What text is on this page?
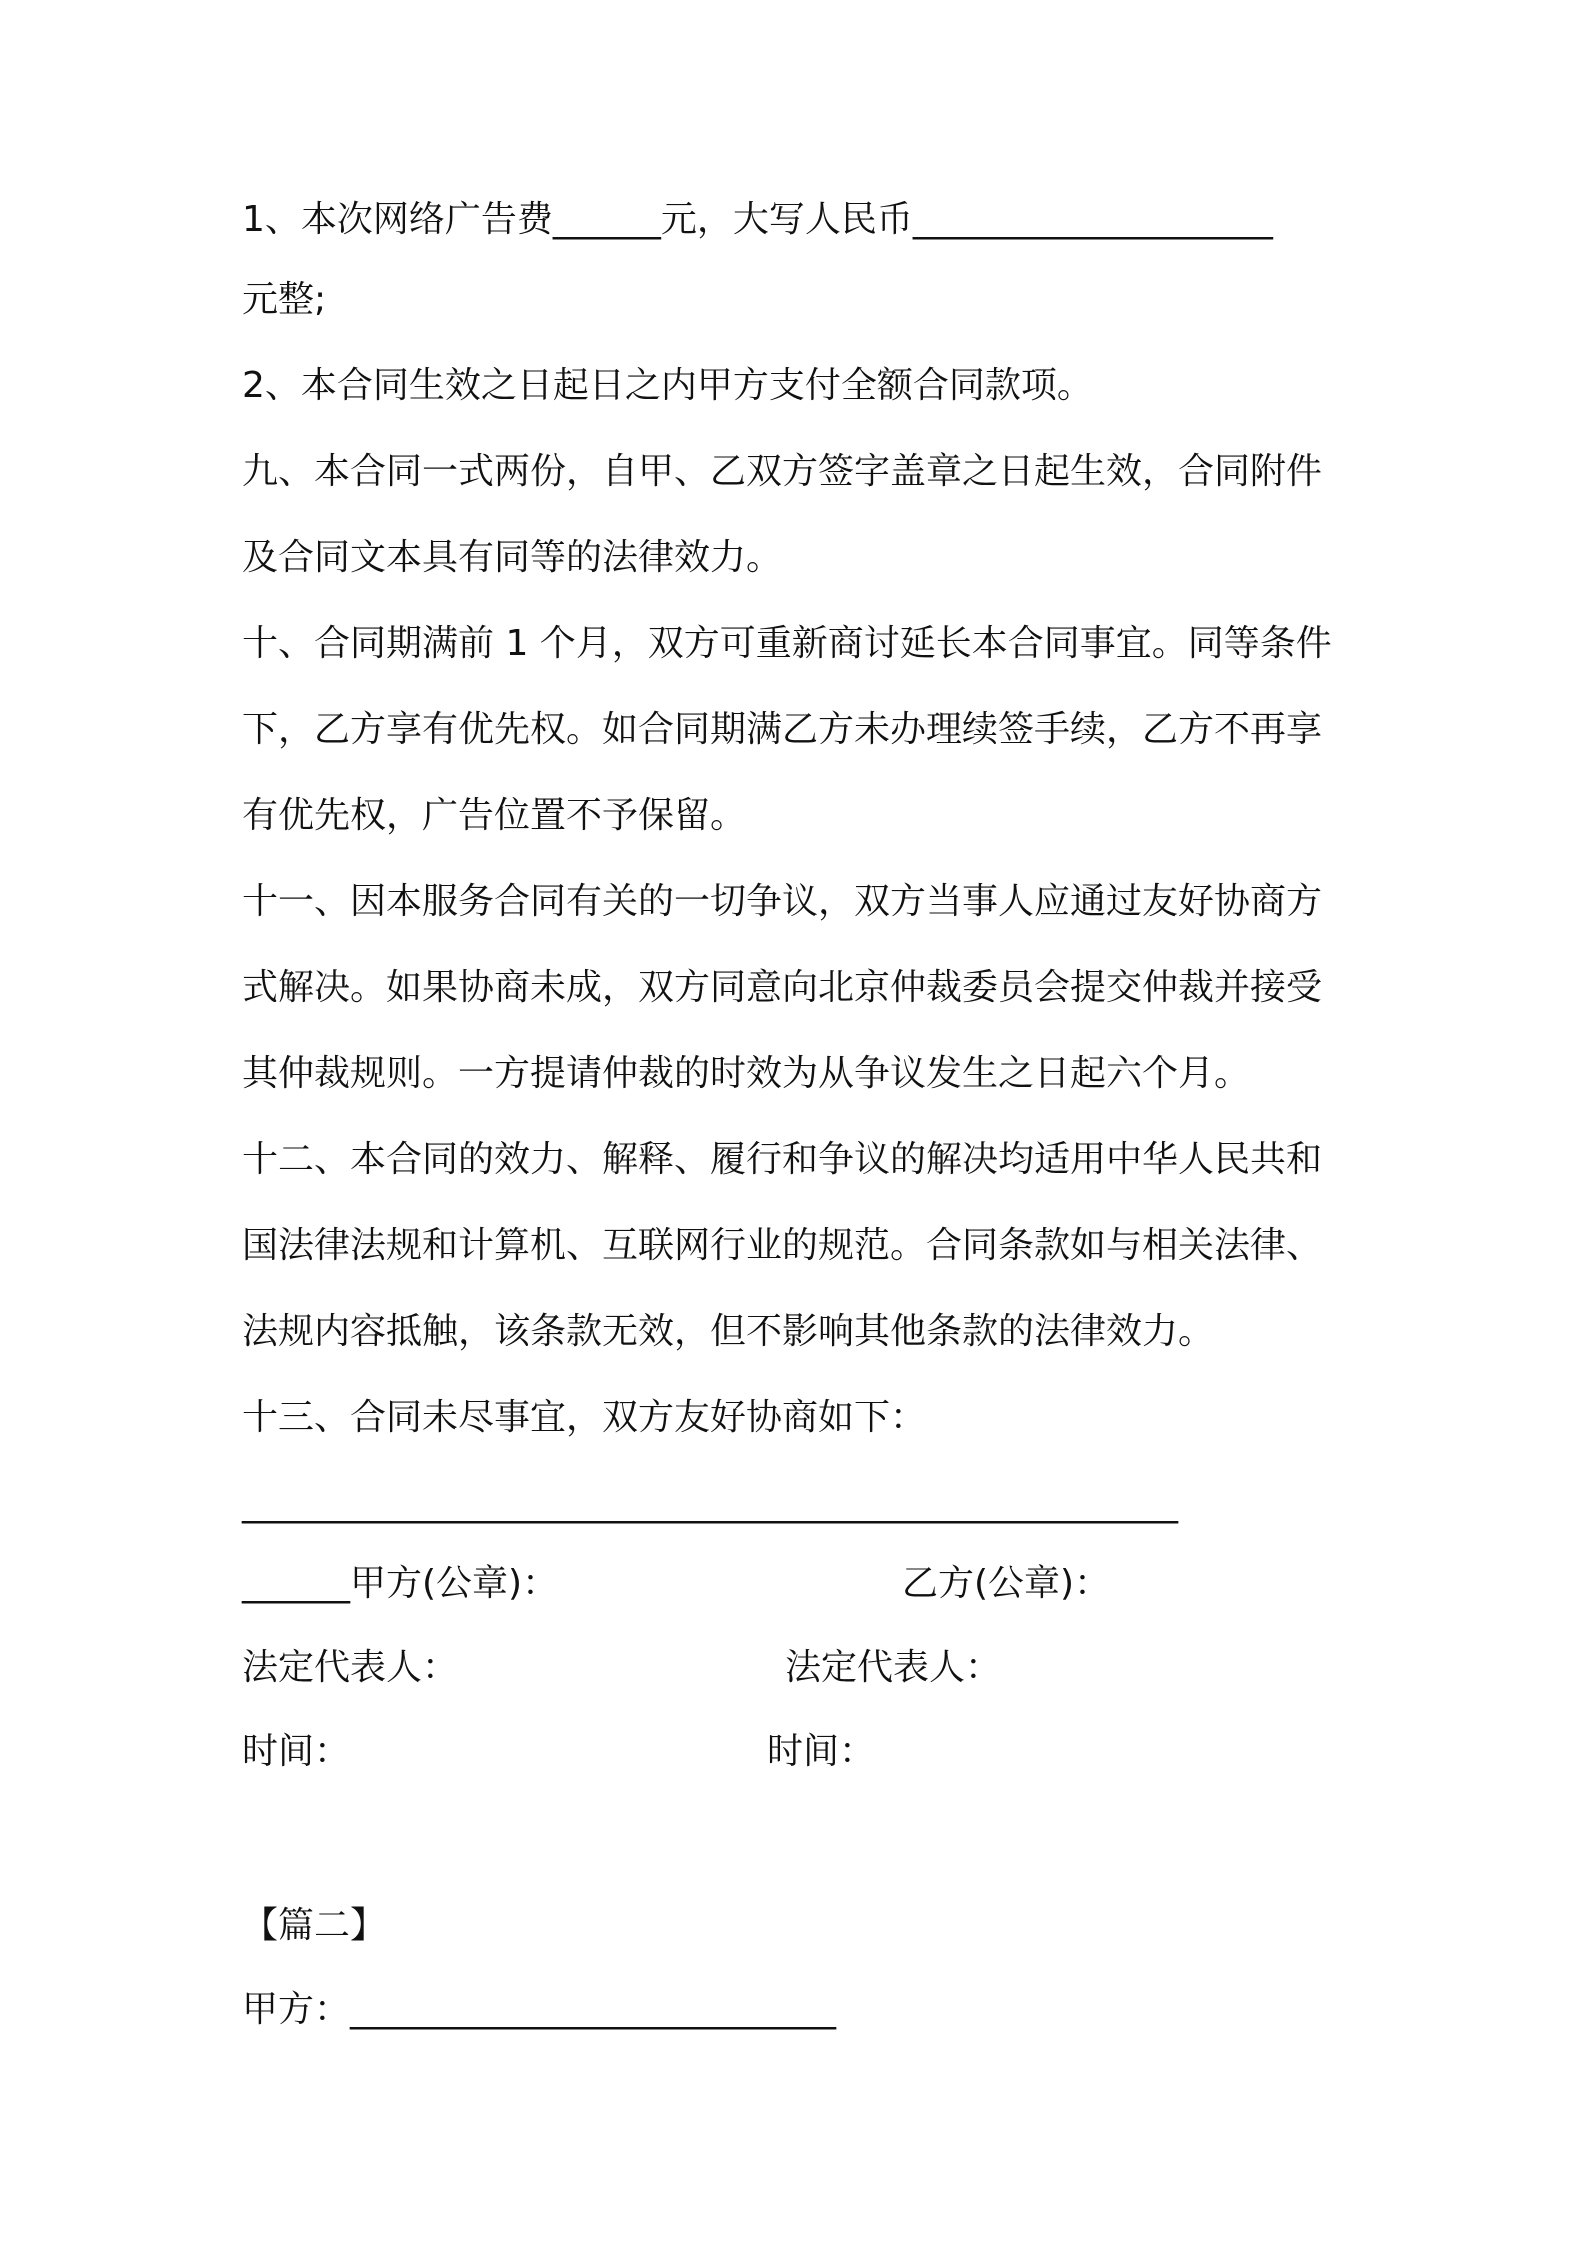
1、本次网络广告费______元，大写人民币____________________

元整;

2、本合同生效之日起日之内甲方支付全额合同款项。

九、本合同一式两份，自甲、乙双方签字盖章之日起生效，合同附件

及合同文本具有同等的法律效力。

十、合同期满前 1 个月，双方可重新商讨延长本合同事宜。同等条件

下，乙方享有优先权。如合同期满乙方未办理续签手续，乙方不再享

有优先权，广告位置不予保留。

十一、因本服务合同有关的一切争议，双方当事人应通过友好协商方

式解决。如果协商未成，双方同意向北京仲裁委员会提交仲裁并接受

其仲裁规则。一方提请仲裁的时效为从争议发生之日起六个月。

十二、本合同的效力、解释、履行和争议的解决均适用中华人民共和

国法律法规和计算机、互联网行业的规范。合同条款如与相关法律、

法规内容抵触，该条款无效，但不影响其他条款的法律效力。

十三、合同未尽事宜，双方友好协商如下：

____________________________________________________

______甲方(公章)：	乙方(公章)：
法定代表人：	法定代表人：
时间：	时间：

【篇二】

甲方：___________________________
